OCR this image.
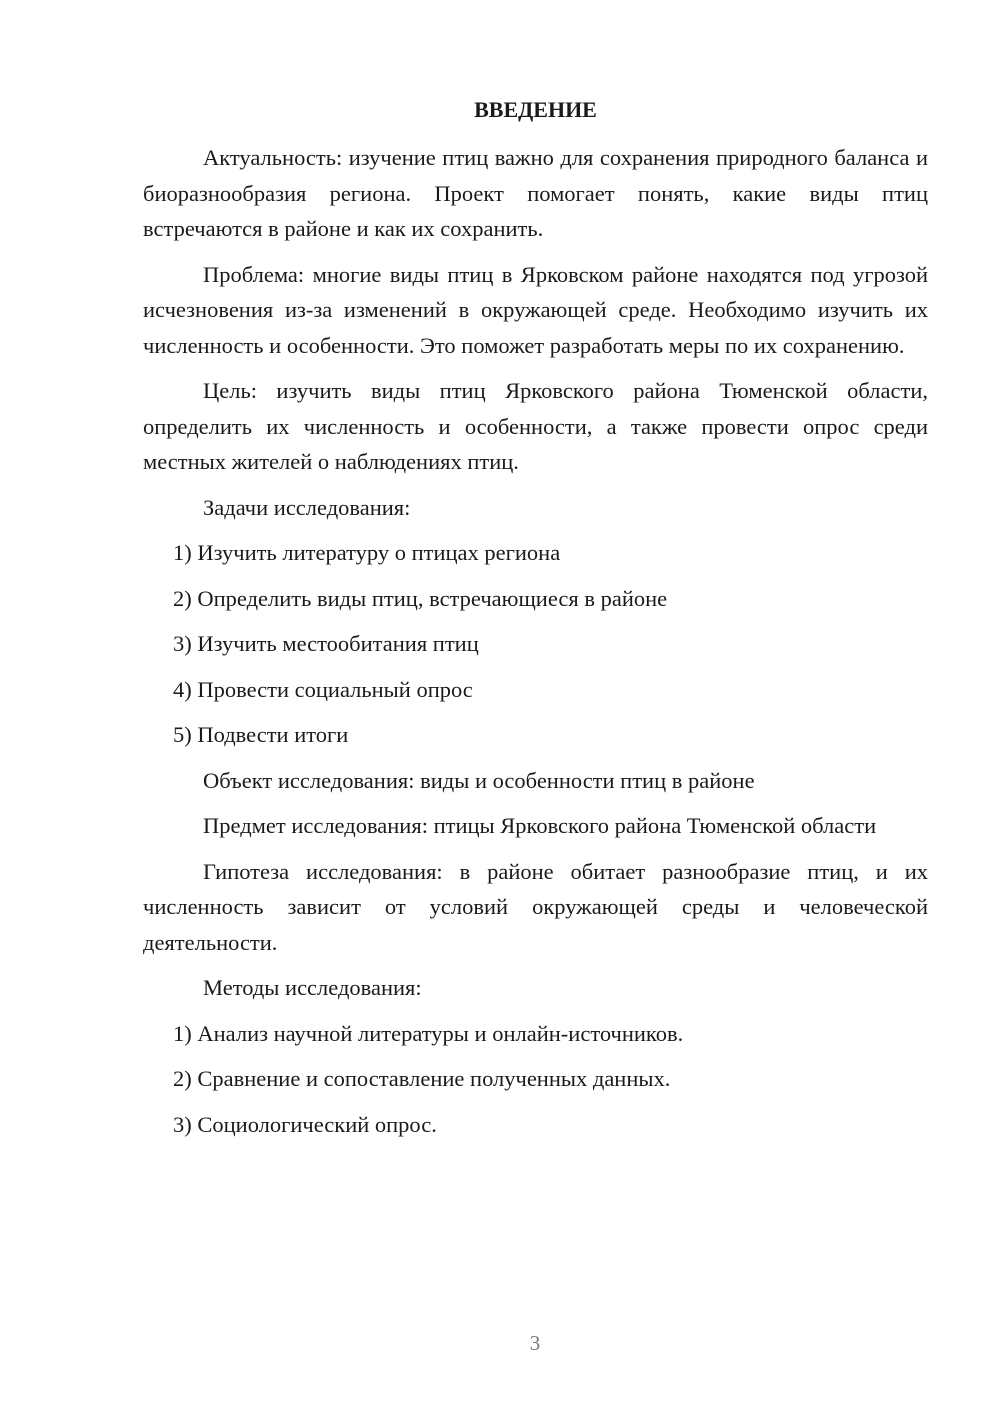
ВВЕДЕНИЕ

Актуальность: изучение птиц важно для сохранения природного баланса и биоразнообразия региона. Проект помогает понять, какие виды птиц встречаются в районе и как их сохранить.

Проблема: многие виды птиц в Ярковском районе находятся под угрозой исчезновения из-за изменений в окружающей среде. Необходимо изучить их численность и особенности. Это поможет разработать меры по их сохранению.

Цель: изучить виды птиц Ярковского района Тюменской области, определить их численность и особенности, а также провести опрос среди местных жителей о наблюдениях птиц.

Задачи исследования:

1) Изучить литературу о птицах региона

2) Определить виды птиц, встречающиеся в районе

3) Изучить местообитания птиц

4) Провести социальный опрос

5) Подвести итоги

Объект исследования: виды и особенности птиц в районе

Предмет исследования: птицы Ярковского района Тюменской области

Гипотеза исследования: в районе обитает разнообразие птиц, и их численность зависит от условий окружающей среды и человеческой деятельности.

Методы исследования:

1) Анализ научной литературы и онлайн-источников.

2) Сравнение и сопоставление полученных данных.

3) Социологический опрос.

3
